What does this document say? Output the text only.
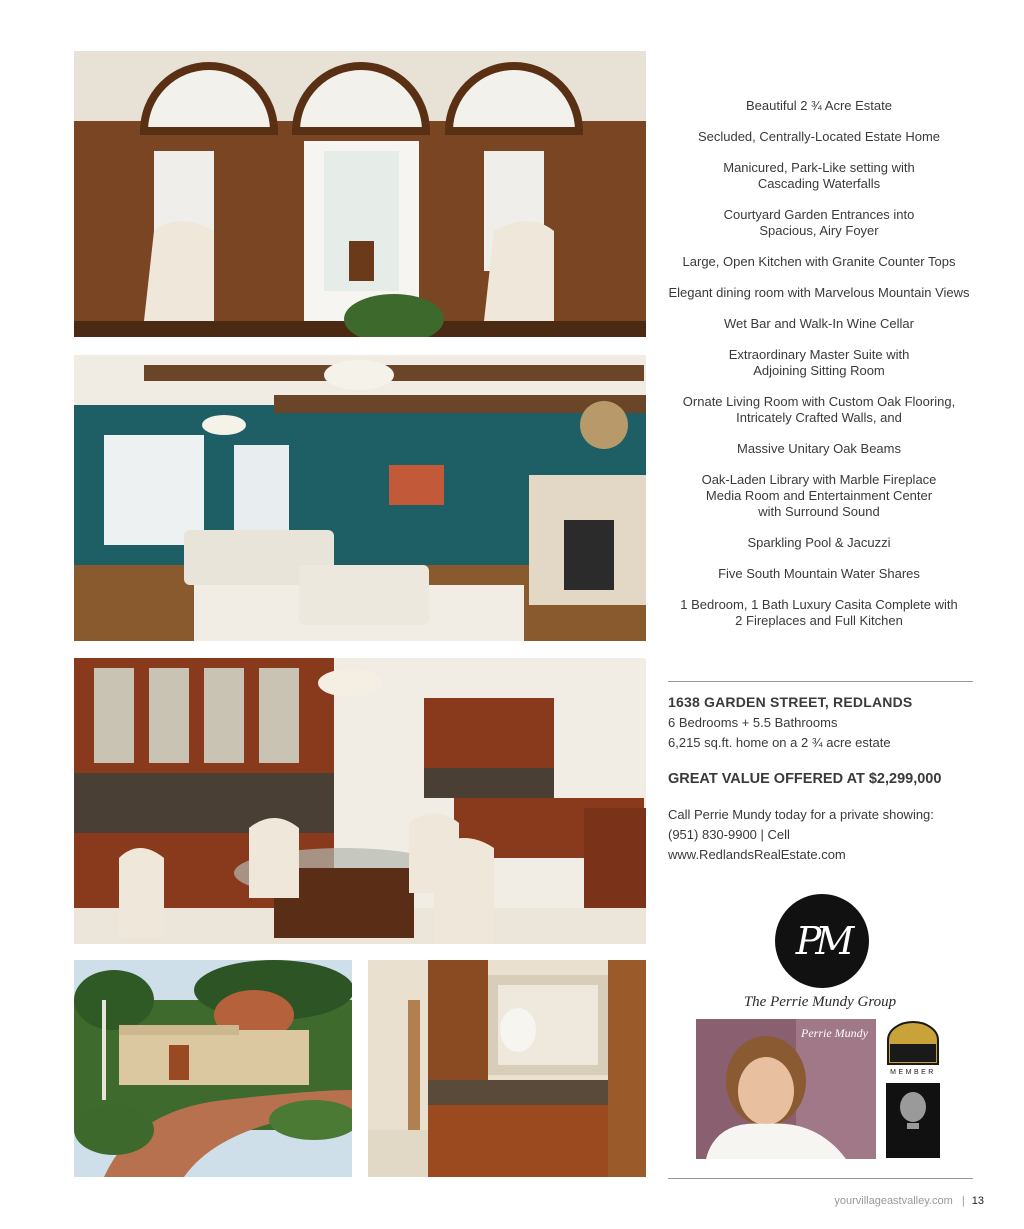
Beautiful 2 ¾ Acre Estate
Secluded, Centrally-Located Estate Home
Manicured, Park-Like setting with
Cascading Waterfalls
Courtyard Garden Entrances into
Spacious, Airy Foyer
Large, Open Kitchen with Granite Counter Tops
Elegant dining room with Marvelous Mountain Views
Wet Bar and Walk-In Wine Cellar
Extraordinary Master Suite with
Adjoining Sitting Room
Ornate Living Room with Custom Oak Flooring,
Intricately Crafted Walls, and
Massive Unitary Oak Beams
Oak-Laden Library with Marble Fireplace
Media Room and Entertainment Center
with Surround Sound
Sparkling Pool & Jacuzzi
Five South Mountain Water Shares
1 Bedroom, 1 Bath Luxury Casita Complete with
2 Fireplaces and Full Kitchen
1638 GARDEN STREET, REDLANDS
6 Bedrooms + 5.5 Bathrooms
6,215 sq.ft. home on a 2 ¾ acre estate
GREAT VALUE OFFERED AT $2,299,000
Call Perrie Mundy today for a private showing:
(951) 830-9900 | Cell
www.RedlandsRealEstate.com
PM
The Perrie Mundy Group
Perrie Mundy
MEMBER
yourvillageastvalley.com | 13
